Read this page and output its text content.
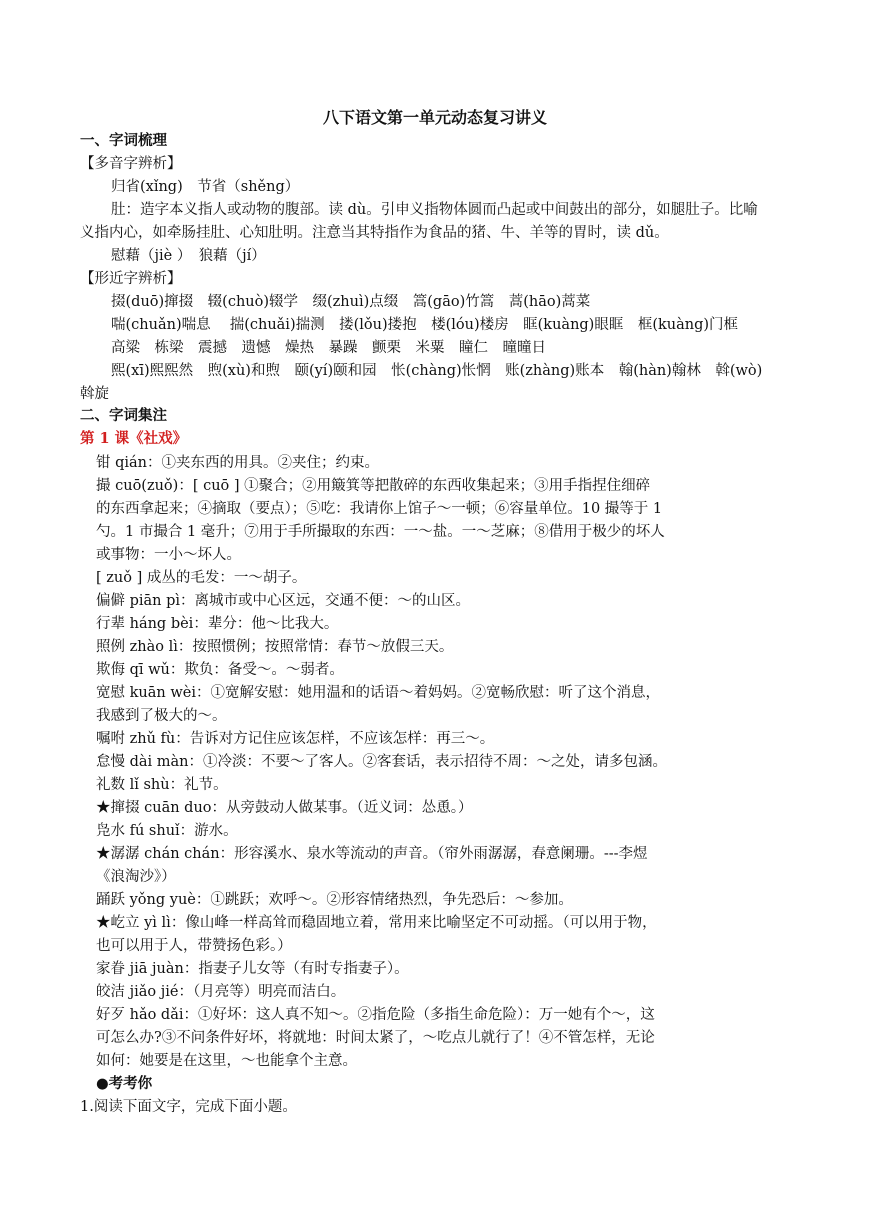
八下语文第一单元动态复习讲义
一、字词梳理
【多音字辨析】
归省(xǐng)　节省（shěng）
肚：造字本义指人或动物的腹部。读 dù。引申义指物体圆而凸起或中间鼓出的部分，如腿肚子。比喻
义指内心，如牵肠挂肚、心知肚明。注意当其特指作为食品的猪、牛、羊等的胃时，读 dǔ。
慰藉（jiè ）　狼藉（jí）
【形近字辨析】
掇(duō)撺掇　辍(chuò)辍学　缀(zhuì)点缀　篙(gāo)竹篙　蒿(hāo)蒿菜
喘(chuǎn)喘息　 揣(chuǎi)揣测　搂(lǒu)搂抱　楼(lóu)楼房　眶(kuàng)眼眶　框(kuàng)门框
高粱　栋梁　震撼　遗憾　燥热　暴躁　颤栗　米粟　瞳仁　曈曈日
熙(xī)熙熙然　煦(xù)和煦　颐(yí)颐和园　怅(chàng)怅惘　账(zhàng)账本　翰(hàn)翰林　斡(wò)
斡旋
二、字词集注
第 1 课《社戏》
钳 qián：①夹东西的用具。②夹住；约束。
撮 cuō(zuǒ)：[ cuō ] ①聚合；②用簸箕等把散碎的东西收集起来；③用手指捏住细碎
的东西拿起来；④摘取（要点）；⑤吃：我请你上馆子～一顿；⑥容量单位。10 撮等于 1
勺。1 市撮合 1 毫升；⑦用于手所撮取的东西：一～盐。一～芝麻；⑧借用于极少的坏人
或事物：一小～坏人。
[ zuǒ ] 成丛的毛发：一～胡子。
偏僻 piān pì：离城市或中心区远，交通不便：～的山区。
行辈 háng bèi：辈分：他～比我大。
照例 zhào lì：按照惯例；按照常情：春节～放假三天。
欺侮 qī wǔ：欺负：备受～。～弱者。
宽慰 kuān wèi：①宽解安慰：她用温和的话语～着妈妈。②宽畅欣慰：听了这个消息，
我感到了极大的～。
嘱咐 zhǔ fù：告诉对方记住应该怎样，不应该怎样：再三～。
怠慢 dài màn：①冷淡：不要～了客人。②客套话，表示招待不周：～之处，请多包涵。
礼数 lǐ shù：礼节。
★撺掇 cuān duo：从旁鼓动人做某事。（近义词：怂恿。）
凫水 fú shuǐ：游水。
★潺潺 chán chán：形容溪水、泉水等流动的声音。（帘外雨潺潺，春意阑珊。---李煜
《浪淘沙》）
踊跃 yǒng yuè：①跳跃；欢呼～。②形容情绪热烈，争先恐后：～参加。
★屹立 yì lì：像山峰一样高耸而稳固地立着，常用来比喻坚定不可动摇。（可以用于物，
也可以用于人，带赞扬色彩。）
家眷 jiā juàn：指妻子儿女等（有时专指妻子）。
皎洁 jiǎo jié：（月亮等）明亮而洁白。
好歹 hǎo dǎi：①好坏：这人真不知～。②指危险（多指生命危险）：万一她有个～，这
可怎么办?③不问条件好坏，将就地：时间太紧了，～吃点儿就行了！④不管怎样，无论
如何：她要是在这里，～也能拿个主意。
●考考你
1.阅读下面文字，完成下面小题。
